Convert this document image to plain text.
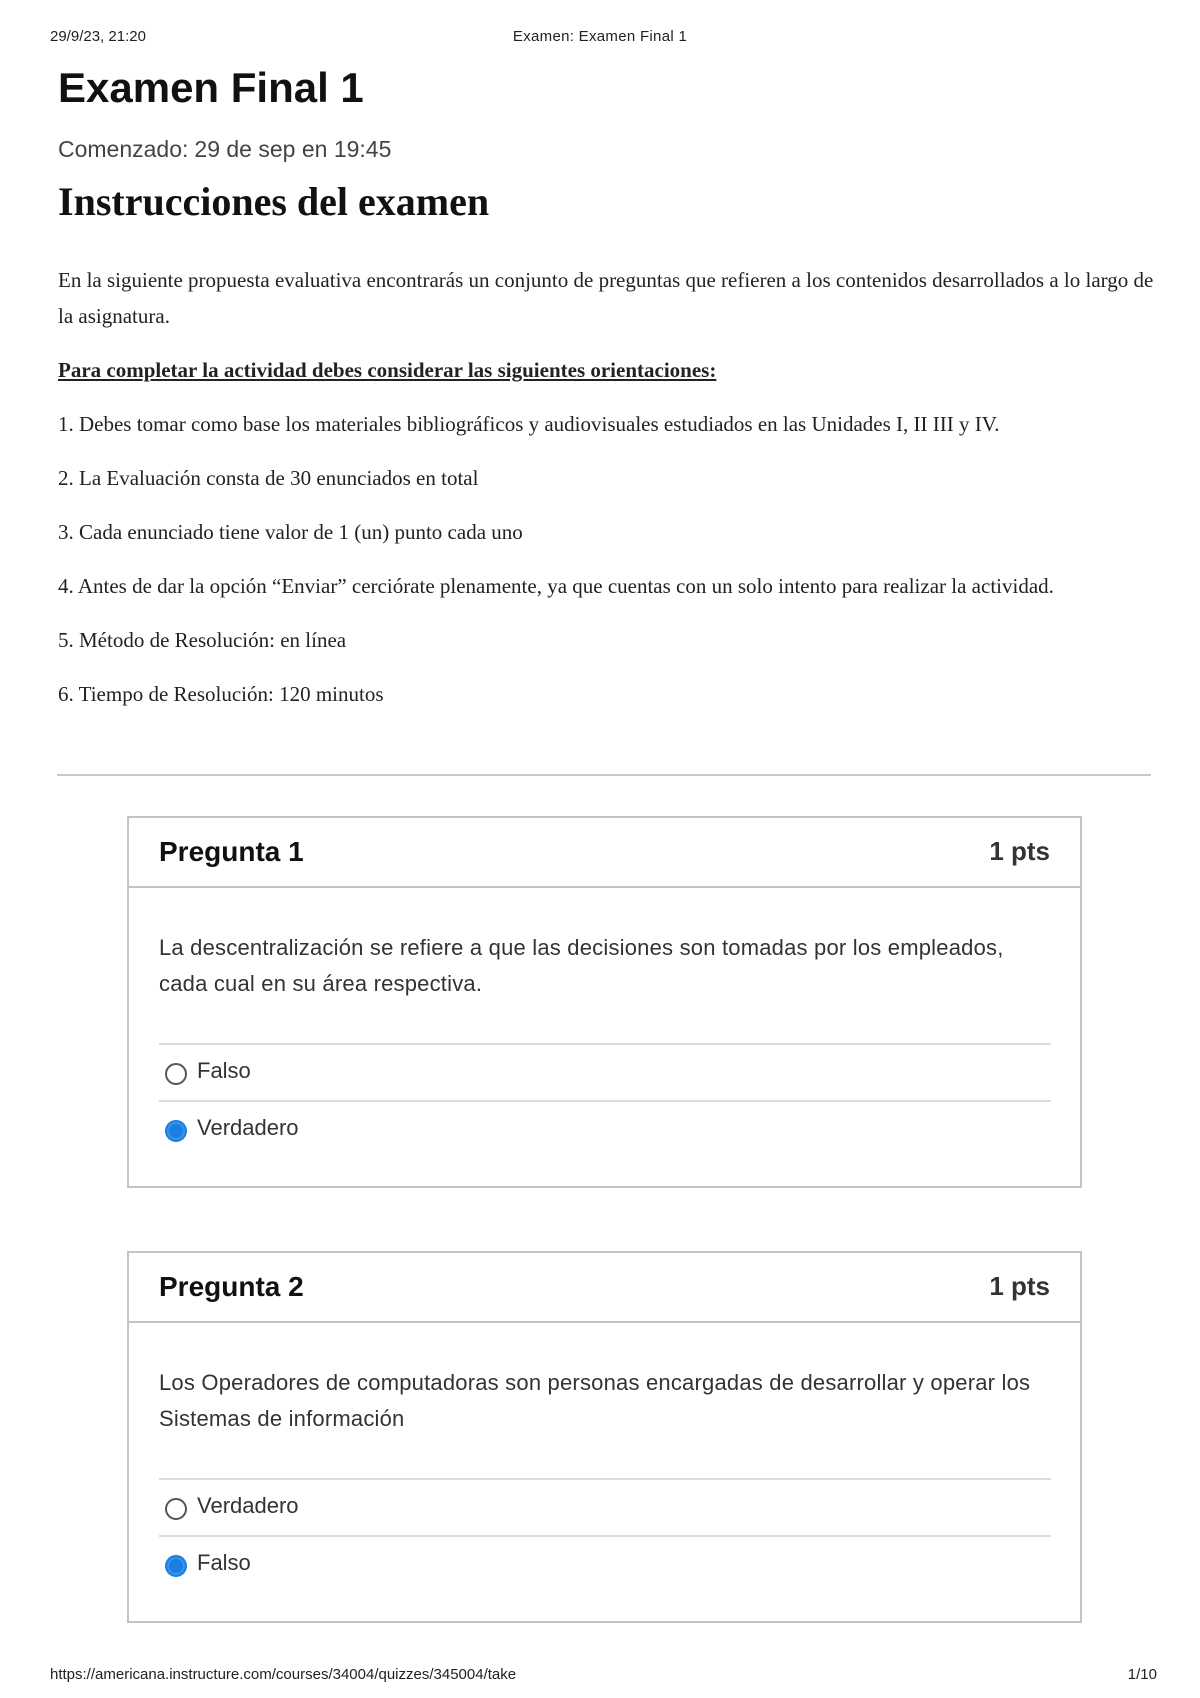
29/9/23, 21:20	Examen: Examen Final 1
Examen Final 1
Comenzado: 29 de sep en 19:45
Instrucciones del examen

En la siguiente propuesta evaluativa encontrarás un conjunto de preguntas que refieren a los contenidos desarrollados a lo largo de la asignatura.

Para completar la actividad debes considerar las siguientes orientaciones:

1. Debes tomar como base los materiales bibliográficos y audiovisuales estudiados en las Unidades I, II III y IV.

2. La Evaluación consta de 30 enunciados en total

3. Cada enunciado tiene valor de 1 (un) punto cada uno

4. Antes de dar la opción “Enviar” cerciórate plenamente, ya que cuentas con un solo intento para realizar la actividad.

5. Método de Resolución: en línea

6. Tiempo de Resolución: 120 minutos

Pregunta 1	1 pts
La descentralización se refiere a que las decisiones son tomadas por los empleados, cada cual en su área respectiva.
Falso
Verdadero
Pregunta 2	1 pts
Los Operadores de computadoras son personas encargadas de desarrollar y operar los Sistemas de información
Verdadero
Falso
https://americana.instructure.com/courses/34004/quizzes/345004/take	1/10
